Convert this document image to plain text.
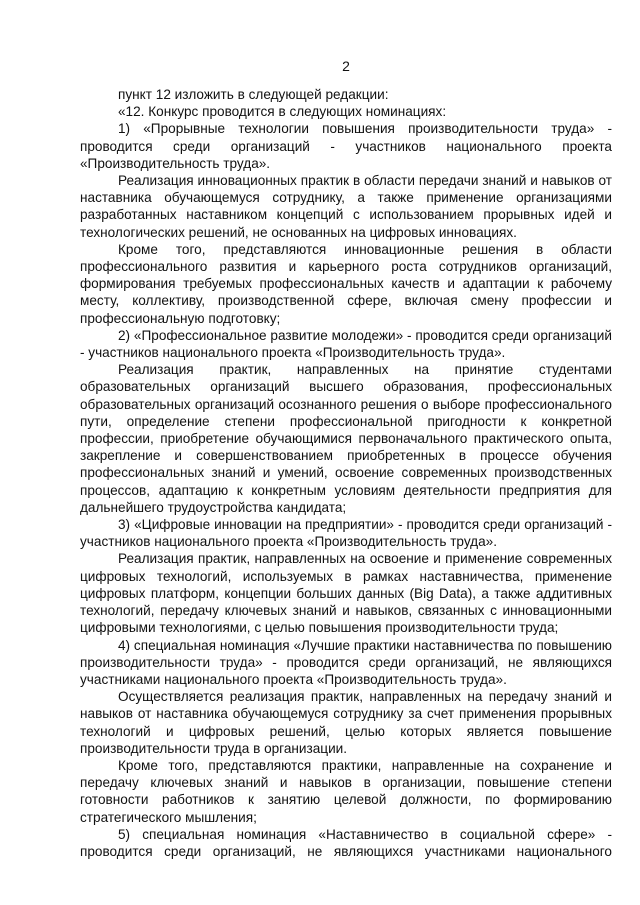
2

пункт 12 изложить в следующей редакции:

«12. Конкурс проводится в следующих номинациях:

1) «Прорывные технологии повышения производительности труда» - проводится среди организаций - участников национального проекта «Производительность труда».

Реализация инновационных практик в области передачи знаний и навыков от наставника обучающемуся сотруднику, а также применение организациями разработанных наставником концепций с использованием прорывных идей и технологических решений, не основанных на цифровых инновациях.

Кроме того, представляются инновационные решения в области профессионального развития и карьерного роста сотрудников организаций, формирования требуемых профессиональных качеств и адаптации к рабочему месту, коллективу, производственной сфере, включая смену профессии и профессиональную подготовку;

2) «Профессиональное развитие молодежи» - проводится среди организаций - участников национального проекта «Производительность труда».

Реализация практик, направленных на принятие студентами образовательных организаций высшего образования, профессиональных образовательных организаций осознанного решения о выборе профессионального пути, определение степени профессиональной пригодности к конкретной профессии, приобретение обучающимися первоначального практического опыта, закрепление и совершенствованием приобретенных в процессе обучения профессиональных знаний и умений, освоение современных производственных процессов, адаптацию к конкретным условиям деятельности предприятия для дальнейшего трудоустройства кандидата;

3) «Цифровые инновации на предприятии» - проводится среди организаций - участников национального проекта «Производительность труда».

Реализация практик, направленных на освоение и применение современных цифровых технологий, используемых в рамках наставничества, применение цифровых платформ, концепции больших данных (Big Data), а также аддитивных технологий, передачу ключевых знаний и навыков, связанных с инновационными цифровыми технологиями, с целью повышения производительности труда;

4) специальная номинация «Лучшие практики наставничества по повышению производительности труда» - проводится среди организаций, не являющихся участниками национального проекта «Производительность труда».

Осуществляется реализация практик, направленных на передачу знаний и навыков от наставника обучающемуся сотруднику за счет применения прорывных технологий и цифровых решений, целью которых является повышение производительности труда в организации.

Кроме того, представляются практики, направленные на сохранение и передачу ключевых знаний и навыков в организации, повышение степени готовности работников к занятию целевой должности, по формированию стратегического мышления;

5) специальная номинация «Наставничество в социальной сфере» - проводится среди организаций, не являющихся участниками национального
